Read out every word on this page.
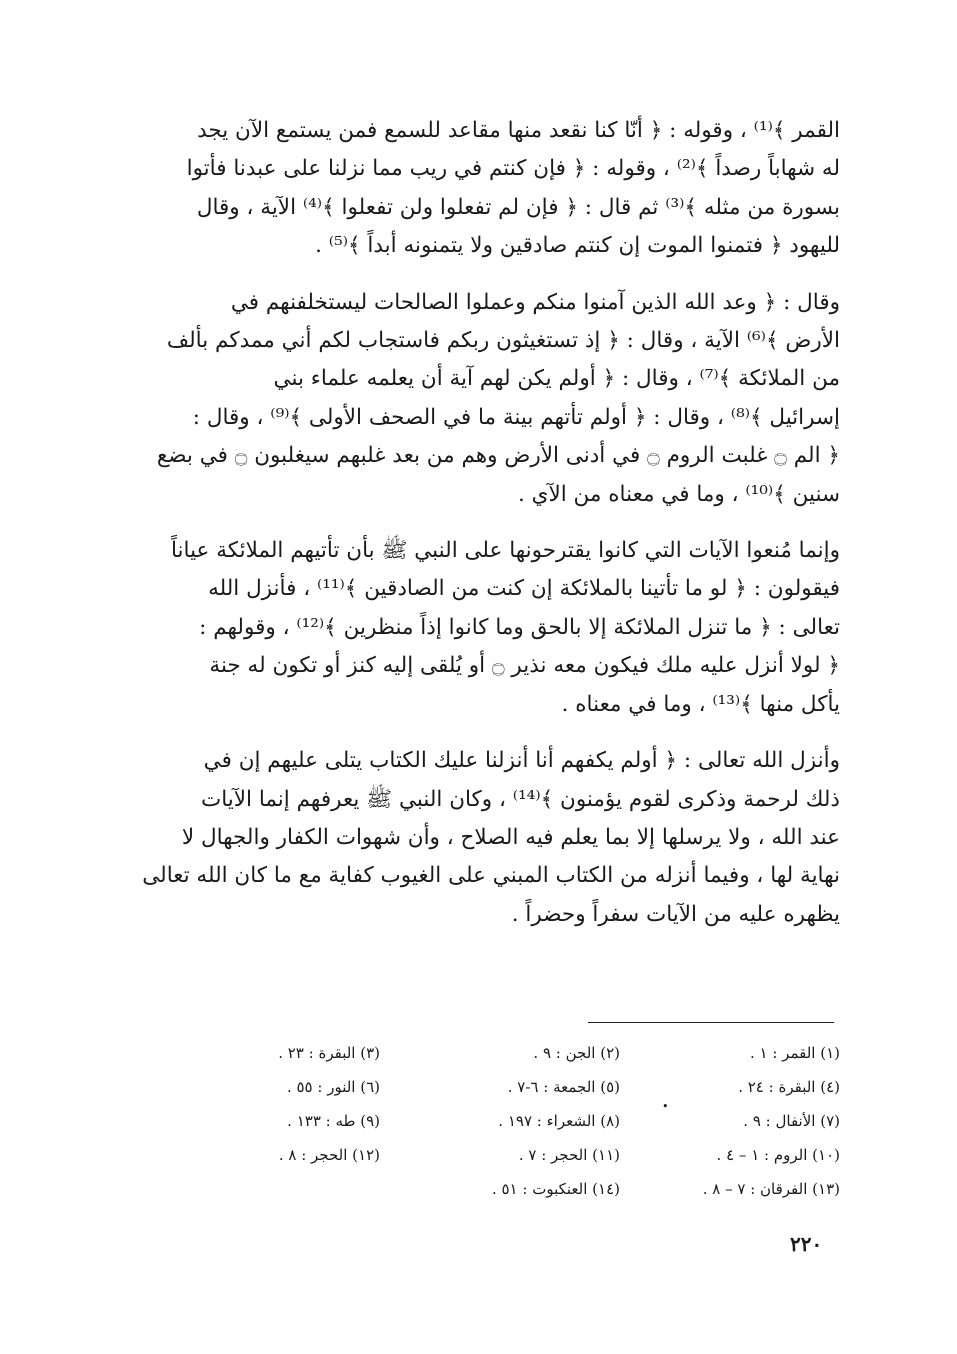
القمر ﴾⁽¹⁾ ، وقوله : ﴿ أنّا كنا نقعد منها مقاعد للسمع فمن يستمع الآن يجد

له شهاباً رصداً ﴾⁽²⁾ ، وقوله : ﴿ فإن كنتم في ريب مما نزلنا على عبدنا فأتوا

بسورة من مثله ﴾⁽³⁾ ثم قال : ﴿ فإن لم تفعلوا ولن تفعلوا ﴾⁽⁴⁾ الآية ، وقال

لليهود ﴿ فتمنوا الموت إن كنتم صادقين ولا يتمنونه أبداً ﴾⁽⁵⁾ .

وقال : ﴿ وعد الله الذين آمنوا منكم وعملوا الصالحات ليستخلفنهم في

الأرض ﴾⁽⁶⁾ الآية ، وقال : ﴿ إذ تستغيثون ربكم فاستجاب لكم أني ممدكم بألف

من الملائكة ﴾⁽⁷⁾ ، وقال : ﴿ أولم يكن لهم آية أن يعلمه علماء بني

إسرائيل ﴾⁽⁸⁾ ، وقال : ﴿ أولم تأتهم بينة ما في الصحف الأولى ﴾⁽⁹⁾ ، وقال :

﴿ الم ۝ غلبت الروم ۝ في أدنى الأرض وهم من بعد غلبهم سيغلبون ۝ في بضع

سنين ﴾⁽¹⁰⁾ ، وما في معناه من الآي .

وإنما مُنعوا الآيات التي كانوا يقترحونها على النبي ﷺ بأن تأتيهم الملائكة عياناً

فيقولون : ﴿ لو ما تأتينا بالملائكة إن كنت من الصادقين ﴾⁽¹¹⁾ ، فأنزل الله

تعالى : ﴿ ما تنزل الملائكة إلا بالحق وما كانوا إذاً منظرين ﴾⁽¹²⁾ ، وقولهم :

﴿ لولا أنزل عليه ملك فيكون معه نذير ۝ أو يُلقى إليه كنز أو تكون له جنة

يأكل منها ﴾⁽¹³⁾ ، وما في معناه .

وأنزل الله تعالى : ﴿ أولم يكفهم أنا أنزلنا عليك الكتاب يتلى عليهم إن في

ذلك لرحمة وذكرى لقوم يؤمنون ﴾⁽¹⁴⁾ ، وكان النبي ﷺ يعرفهم إنما الآيات

عند الله ، ولا يرسلها إلا بما يعلم فيه الصلاح ، وأن شهوات الكفار والجهال لا

نهاية لها ، وفيما أنزله من الكتاب المبني على الغيوب كفاية مع ما كان الله تعالى

يظهره عليه من الآيات سفراً وحضراً .

(١) القمر : ١ .
(٢) الجن : ٩ .
(٣) البقرة : ٢٣ .
(٤) البقرة : ٢٤ .
(٥) الجمعة : ٦-٧ .
(٦) النور : ٥٥ .
(٧) الأنفال : ٩ .
(٨) الشعراء : ١٩٧ .
(٩) طه : ١٣٣ .
(١٠) الروم : ١ – ٤ .
(١١) الحجر : ٧ .
(١٢) الحجر : ٨ .
(١٣) الفرقان : ٧ – ٨ .
(١٤) العنكبوت : ٥١ .
•
٢٢٠
